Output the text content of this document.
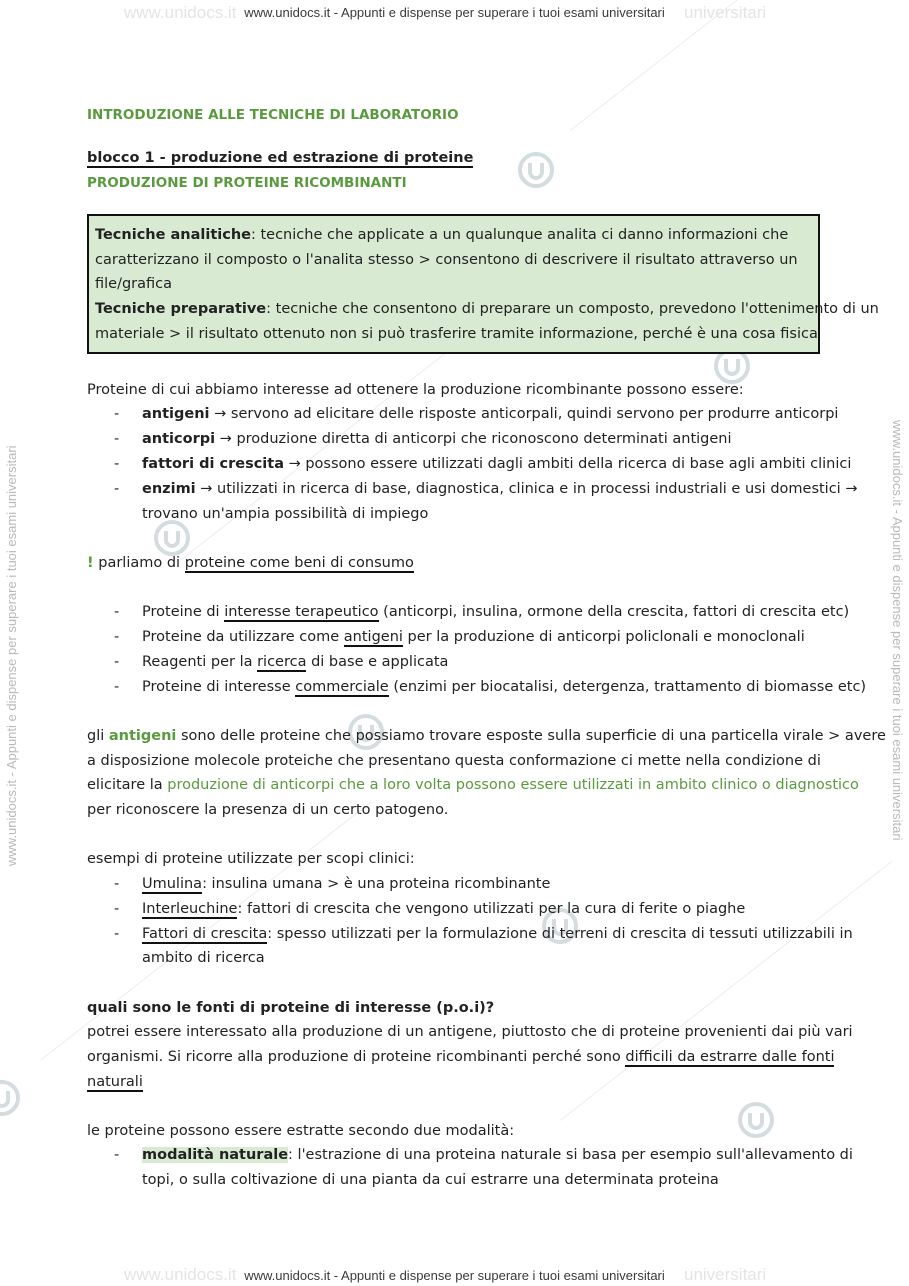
www.unidocs.it	universitari
www.unidocs.it	universitari
www.unidocs.it - Appunti e dispense per superare i tuoi esami universitari
www.unidocs.it - Appunti e dispense per superare i tuoi esami universitari
www.unidocs.it - Appunti e dispense per superare i tuoi esami universitari	www.unidocs.it - Appunti e dispense per superare i tuoi esami universitari
INTRODUZIONE ALLE TECNICHE DI LABORATORIO
blocco 1 - produzione ed estrazione di proteine
PRODUZIONE DI PROTEINE RICOMBINANTI
Tecniche analitiche: tecniche che applicate a un qualunque analita ci danno informazioni che
caratterizzano il composto o l'analita stesso > consentono di descrivere il risultato attraverso un
file/grafica
Tecniche preparative: tecniche che consentono di preparare un composto, prevedono l'ottenimento di un
materiale > il risultato ottenuto non si può trasferire tramite informazione, perché è una cosa fisica
Proteine di cui abbiamo interesse ad ottenere la produzione ricombinante possono essere:
- antigeni → servono ad elicitare delle risposte anticorpali, quindi servono per produrre anticorpi
- anticorpi → produzione diretta di anticorpi che riconoscono determinati antigeni
- fattori di crescita → possono essere utilizzati dagli ambiti della ricerca di base agli ambiti clinici
- enzimi → utilizzati in ricerca di base, diagnostica, clinica e in processi industriali e usi domestici →
trovano un'ampia possibilità di impiego
! parliamo di proteine come beni di consumo
- Proteine di interesse terapeutico (anticorpi, insulina, ormone della crescita, fattori di crescita etc)
- Proteine da utilizzare come antigeni per la produzione di anticorpi policlonali e monoclonali
- Reagenti per la ricerca di base e applicata
- Proteine di interesse commerciale (enzimi per biocatalisi, detergenza, trattamento di biomasse etc)
gli antigeni sono delle proteine che possiamo trovare esposte sulla superficie di una particella virale > avere
a disposizione molecole proteiche che presentano questa conformazione ci mette nella condizione di
elicitare la produzione di anticorpi che a loro volta possono essere utilizzati in ambito clinico o diagnostico
per riconoscere la presenza di un certo patogeno.
esempi di proteine utilizzate per scopi clinici:
- Umulina: insulina umana > è una proteina ricombinante
- Interleuchine: fattori di crescita che vengono utilizzati per la cura di ferite o piaghe
- Fattori di crescita: spesso utilizzati per la formulazione di terreni di crescita di tessuti utilizzabili in
ambito di ricerca
quali sono le fonti di proteine di interesse (p.o.i)?
potrei essere interessato alla produzione di un antigene, piuttosto che di proteine provenienti dai più vari
organismi. Si ricorre alla produzione di proteine ricombinanti perché sono difficili da estrarre dalle fonti
naturali
le proteine possono essere estratte secondo due modalità:
- modalità naturale: l'estrazione di una proteina naturale si basa per esempio sull'allevamento di
topi, o sulla coltivazione di una pianta da cui estrarre una determinata proteina
